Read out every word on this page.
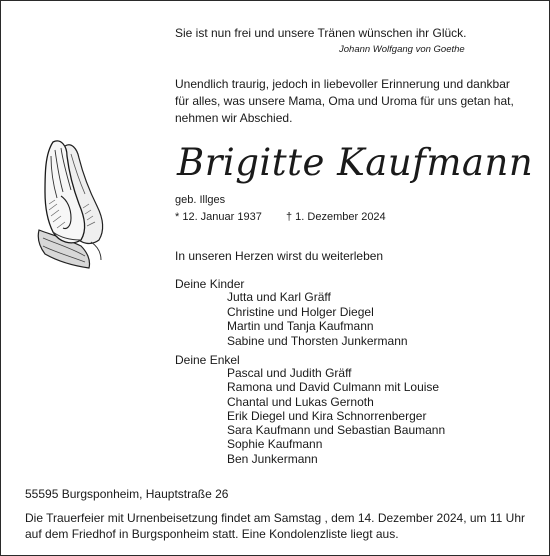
Sie ist nun frei und unsere Tränen wünschen ihr Glück.
Johann Wolfgang von Goethe
Unendlich traurig, jedoch in liebevoller Erinnerung und dankbar
für alles, was unsere Mama, Oma und Uroma für uns getan hat,
nehmen wir Abschied.
Brigitte Kaufmann
geb. Illges
* 12. Januar 1937 † 1. Dezember 2024
In unseren Herzen wirst du weiterleben
Deine Kinder
Jutta und Karl Gräff
Christine und Holger Diegel
Martin und Tanja Kaufmann
Sabine und Thorsten Junkermann
Deine Enkel
Pascal und Judith Gräff
Ramona und David Culmann mit Louise
Chantal und Lukas Gernoth
Erik Diegel und Kira Schnorrenberger
Sara Kaufmann und Sebastian Baumann
Sophie Kaufmann
Ben Junkermann
55595 Burgsponheim, Hauptstraße 26
Die Trauerfeier mit Urnenbeisetzung findet am Samstag , dem 14. Dezember 2024, um 11 Uhr
auf dem Friedhof in Burgsponheim statt. Eine Kondolenzliste liegt aus.
